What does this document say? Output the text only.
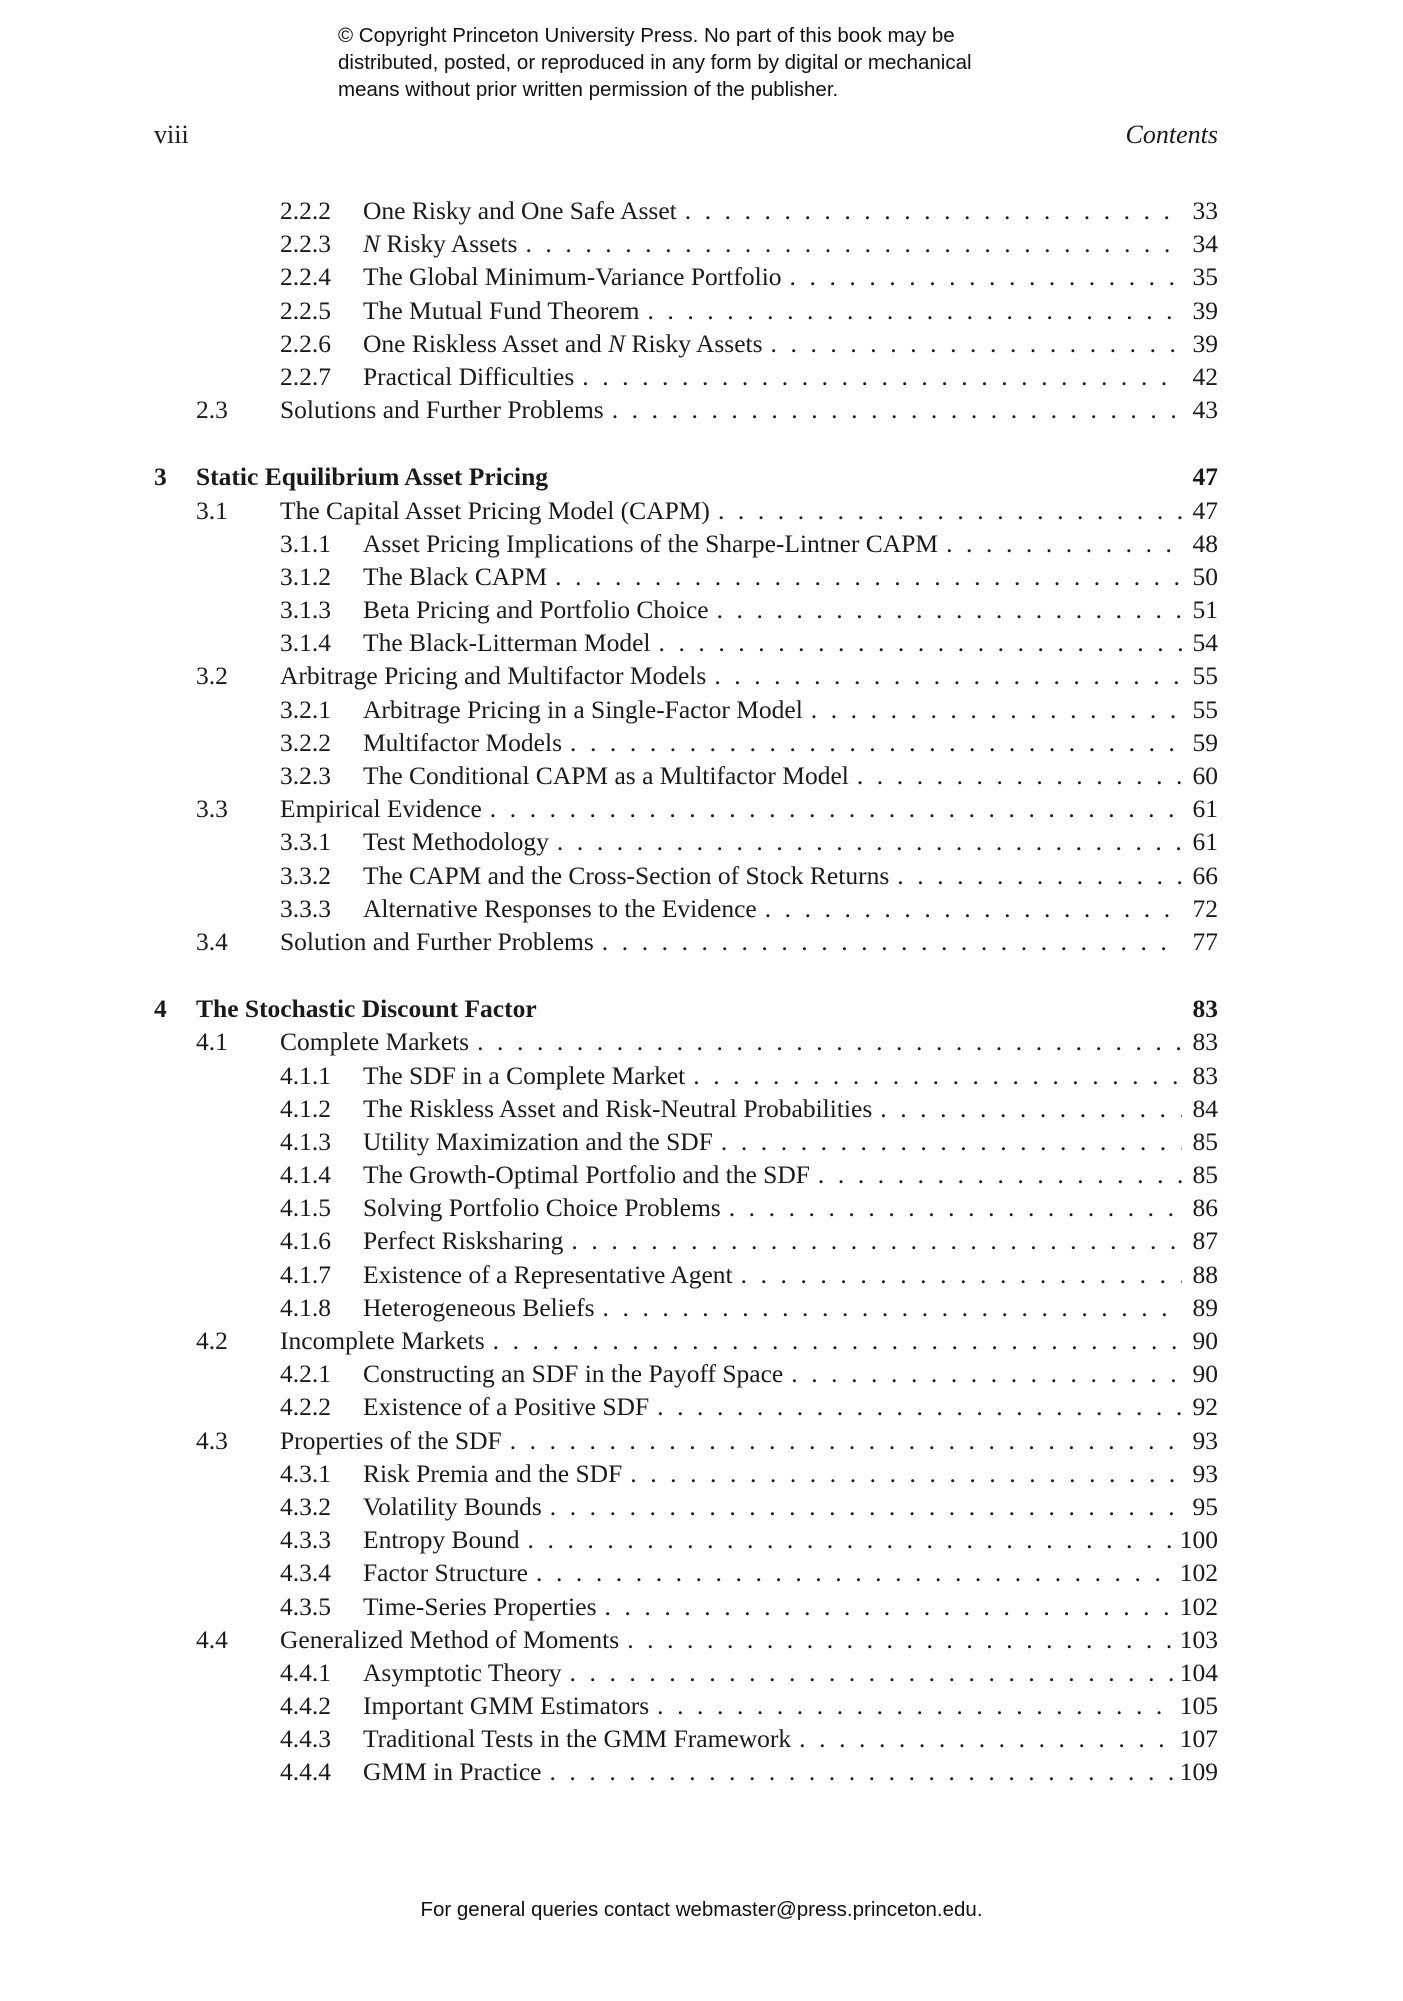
© Copyright Princeton University Press. No part of this book may be
distributed, posted, or reproduced in any form by digital or mechanical
means without prior written permission of the publisher.
viii	Contents
2.2.2 One Risky and One Safe Asset . . .	33
2.2.3 N Risky Assets . . .	34
2.2.4 The Global Minimum-Variance Portfolio . . .	35
2.2.5 The Mutual Fund Theorem . . .	39
2.2.6 One Riskless Asset and N Risky Assets . . .	39
2.2.7 Practical Difficulties . . .	42
2.3 Solutions and Further Problems . . .	43
3 Static Equilibrium Asset Pricing	47
3.1 The Capital Asset Pricing Model (CAPM) . . .	47
3.1.1 Asset Pricing Implications of the Sharpe-Lintner CAPM . . .	48
3.1.2 The Black CAPM . . .	50
3.1.3 Beta Pricing and Portfolio Choice . . .	51
3.1.4 The Black-Litterman Model . . .	54
3.2 Arbitrage Pricing and Multifactor Models . . .	55
3.2.1 Arbitrage Pricing in a Single-Factor Model . . .	55
3.2.2 Multifactor Models . . .	59
3.2.3 The Conditional CAPM as a Multifactor Model . . .	60
3.3 Empirical Evidence . . .	61
3.3.1 Test Methodology . . .	61
3.3.2 The CAPM and the Cross-Section of Stock Returns . . .	66
3.3.3 Alternative Responses to the Evidence . . .	72
3.4 Solution and Further Problems . . .	77
4 The Stochastic Discount Factor	83
4.1 Complete Markets . . .	83
4.1.1 The SDF in a Complete Market . . .	83
4.1.2 The Riskless Asset and Risk-Neutral Probabilities . . .	84
4.1.3 Utility Maximization and the SDF . . .	85
4.1.4 The Growth-Optimal Portfolio and the SDF . . .	85
4.1.5 Solving Portfolio Choice Problems . . .	86
4.1.6 Perfect Risksharing . . .	87
4.1.7 Existence of a Representative Agent . . .	88
4.1.8 Heterogeneous Beliefs . . .	89
4.2 Incomplete Markets . . .	90
4.2.1 Constructing an SDF in the Payoff Space . . .	90
4.2.2 Existence of a Positive SDF . . .	92
4.3 Properties of the SDF . . .	93
4.3.1 Risk Premia and the SDF . . .	93
4.3.2 Volatility Bounds . . .	95
4.3.3 Entropy Bound . . .	100
4.3.4 Factor Structure . . .	102
4.3.5 Time-Series Properties . . .	102
4.4 Generalized Method of Moments . . .	103
4.4.1 Asymptotic Theory . . .	104
4.4.2 Important GMM Estimators . . .	105
4.4.3 Traditional Tests in the GMM Framework . . .	107
4.4.4 GMM in Practice . . .	109
For general queries contact webmaster@press.princeton.edu.
